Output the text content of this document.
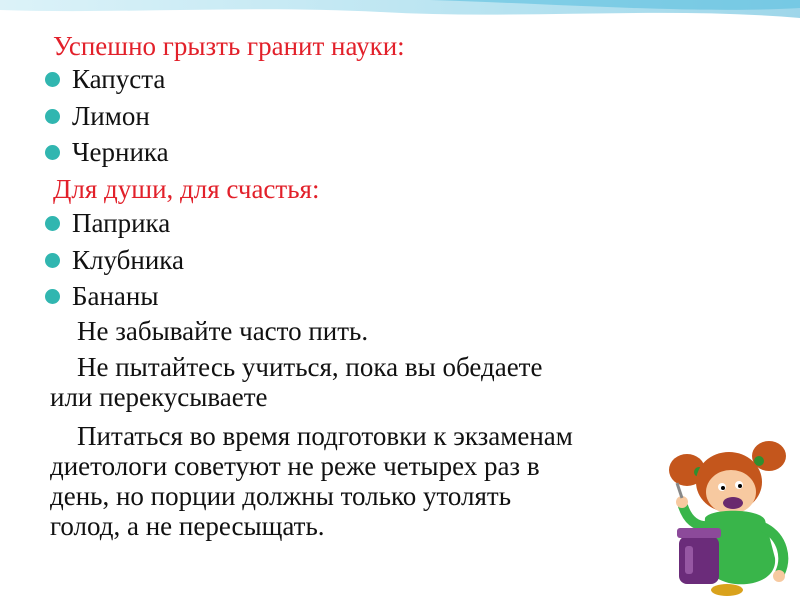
Успешно грызть гранит науки:
Капуста
Лимон
Черника
Для души, для счастья:
Паприка
Клубника
Бананы
Не забывайте часто пить.
Не пытайтесь учиться, пока вы обедаете
или перекусываете
Питаться во время подготовки к экзаменам
диетологи советуют не реже четырех раз в
день, но порции должны только утолять
голод, а не пересыщать.
